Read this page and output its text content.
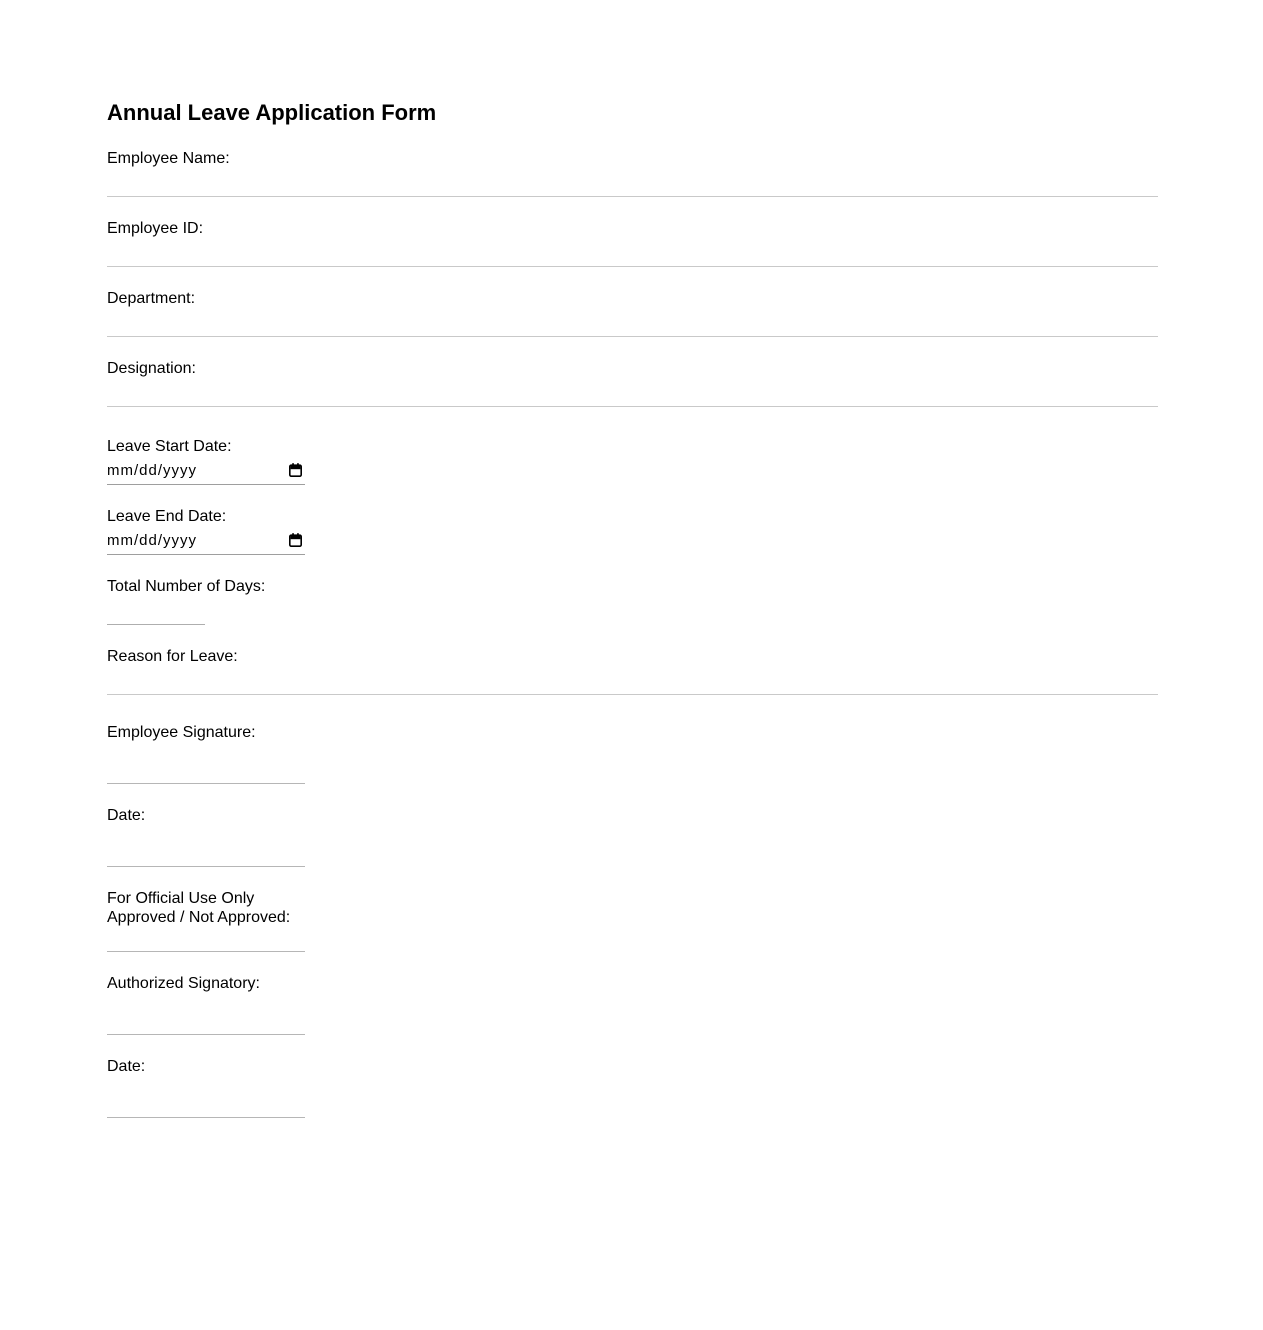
Annual Leave Application Form
Employee Name:
Employee ID:
Department:
Designation:
Leave Start Date:
mm/dd/yyyy
Leave End Date:
mm/dd/yyyy
Total Number of Days:
Reason for Leave:
Employee Signature:
Date:
For Official Use Only
Approved / Not Approved:
Authorized Signatory:
Date:
